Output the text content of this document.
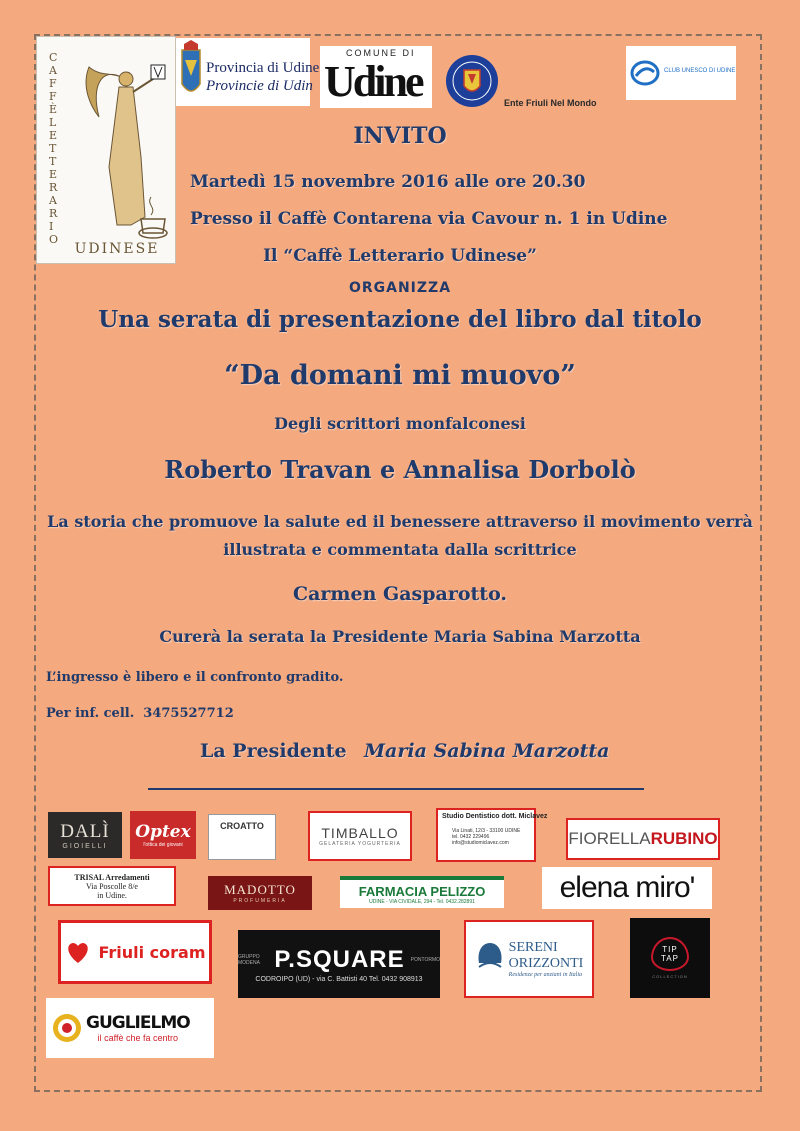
CAFFÈ LETTERARIO
UDINESE
Provincia di Udine
Provincie di Udin
COMUNE DI
Udine	Ente Friuli Nel Mondo
CLUB UNESCO DI UDINE
INVITO
Martedì 15 novembre 2016 alle ore 20.30
Presso il Caffè Contarena via Cavour n. 1 in Udine
Il “Caffè Letterario Udinese”
ORGANIZZA
Una serata di presentazione del libro dal titolo
“Da domani mi muovo”
Degli scrittori monfalconesi
Roberto Travan e Annalisa Dorbolò
La storia che promuove la salute ed il benessere attraverso il movimento verrà
illustrata e commentata dalla scrittrice
Carmen Gasparotto.
Curerà la serata la Presidente Maria Sabina Marzotta
L’ingresso è libero e il confronto gradito.
Per inf. cell.  3475527712
La Presidente Maria Sabina Marzotta
DALÌ
GIOIELLI
Optex
l'ottica dei giovani
CROATTO	TIMBALLO
GELATERIA YOGURTERIA
Studio Dentistico dott. Miclavez
Via Linati, 12/3 - 33100 UDINE
tel. 0432 229496
info@studiomiclavez.com	FIORELLA RUBINO
TRISAL Arredamenti
Via Poscolle 8/e
in Udine.	MADOTTO
PROFUMERIA
FARMACIA PELIZZO
UDINE - VIA CIVIDALE, 294 - Tel. 0432.282891	elena miro'
Friuli coram	GRUPPO MODENA P.SQUARE PONTORMO
CODROIPO (UD) - via C. Battisti 40 Tel. 0432 908913
SERENI
ORIZZONTI
Residenze per anziani in Italia
TIP
TAP
COLLECTION
GUGLIELMO
il caffè che fa centro
